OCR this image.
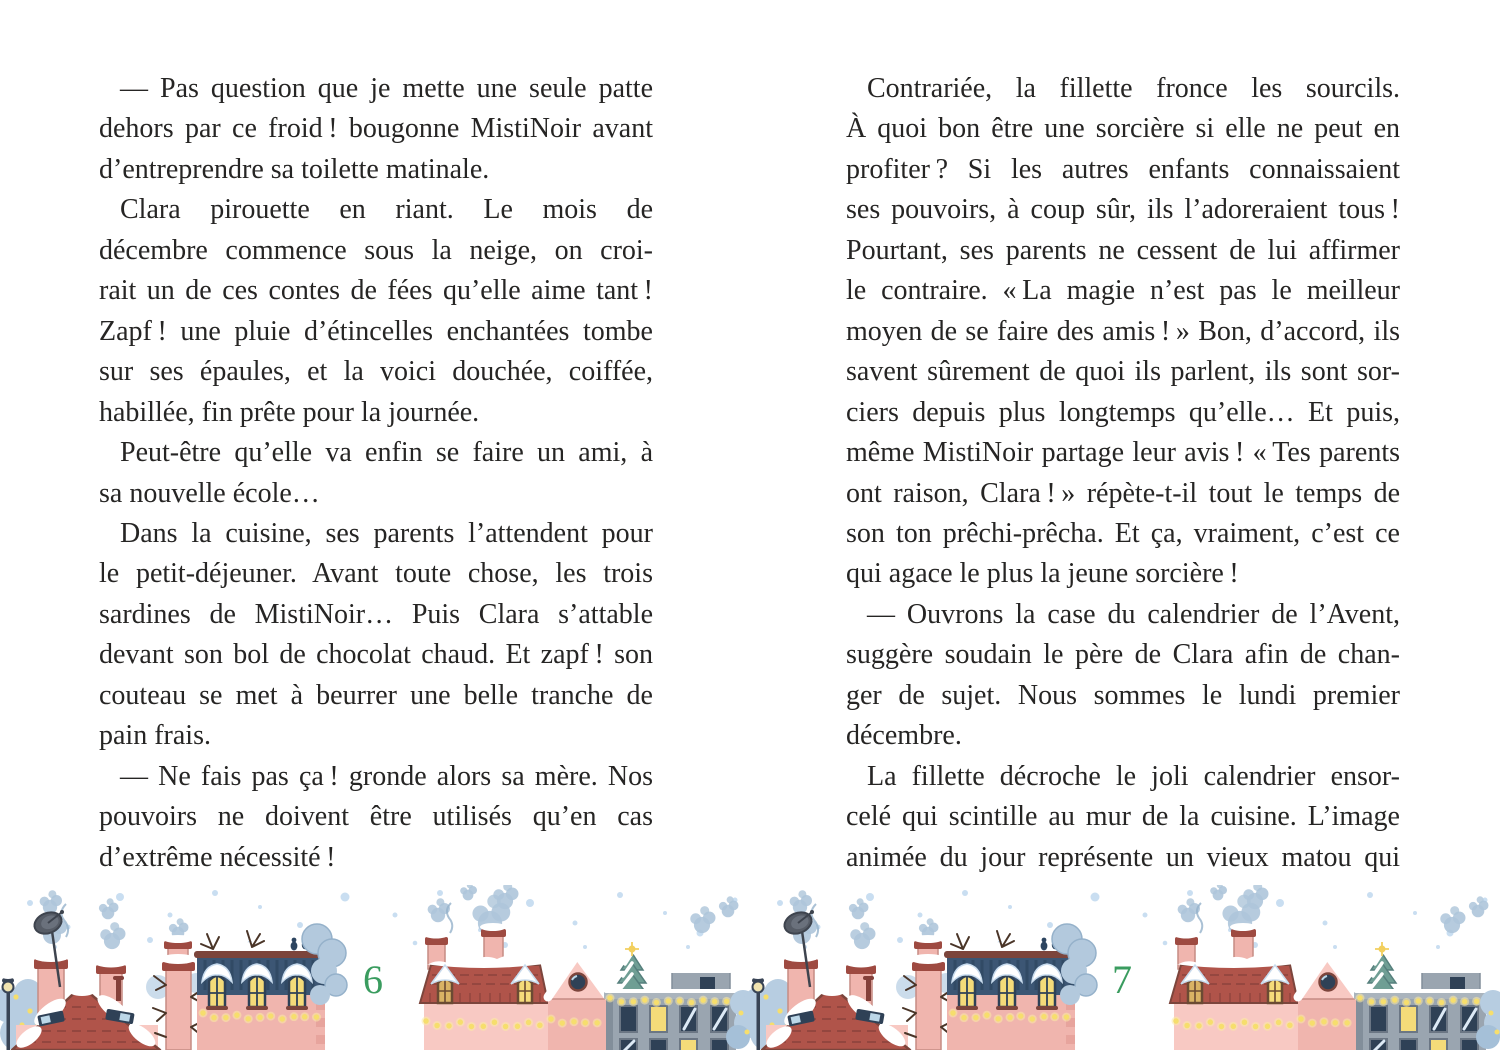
— Pas question que je mette une seule patte
dehors par ce froid ! bougonne MistiNoir avant
d’entreprendre sa toilette matinale.
Clara pirouette en riant. Le mois de
décembre commence sous la neige, on croi-
rait un de ces contes de fées qu’elle aime tant !
Zapf ! une pluie d’étincelles enchantées tombe
sur ses épaules, et la voici douchée, coiffée,
habillée, fin prête pour la journée.
Peut-être qu’elle va enfin se faire un ami, à
sa nouvelle école…
Dans la cuisine, ses parents l’attendent pour
le petit-déjeuner. Avant toute chose, les trois
sardines de MistiNoir… Puis Clara s’attable
devant son bol de chocolat chaud. Et zapf ! son
couteau se met à beurrer une belle tranche de
pain frais.
— Ne fais pas ça ! gronde alors sa mère. Nos
pouvoirs ne doivent être utilisés qu’en cas
d’extrême nécessité !
Contrariée, la fillette fronce les sourcils.
À quoi bon être une sorcière si elle ne peut en
profiter ? Si les autres enfants connaissaient
ses pouvoirs, à coup sûr, ils l’adoreraient tous !
Pourtant, ses parents ne cessent de lui affirmer
le contraire. « La magie n’est pas le meilleur
moyen de se faire des amis ! » Bon, d’accord, ils
savent sûrement de quoi ils parlent, ils sont sor-
ciers depuis plus longtemps qu’elle… Et puis,
même MistiNoir partage leur avis ! « Tes parents
ont raison, Clara ! » répète-t-il tout le temps de
son ton prêchi-prêcha. Et ça, vraiment, c’est ce
qui agace le plus la jeune sorcière !
— Ouvrons la case du calendrier de l’Avent,
suggère soudain le père de Clara afin de chan-
ger de sujet. Nous sommes le lundi premier
décembre.
La fillette décroche le joli calendrier ensor-
celé qui scintille au mur de la cuisine. L’image
animée du jour représente un vieux matou qui
6	7
